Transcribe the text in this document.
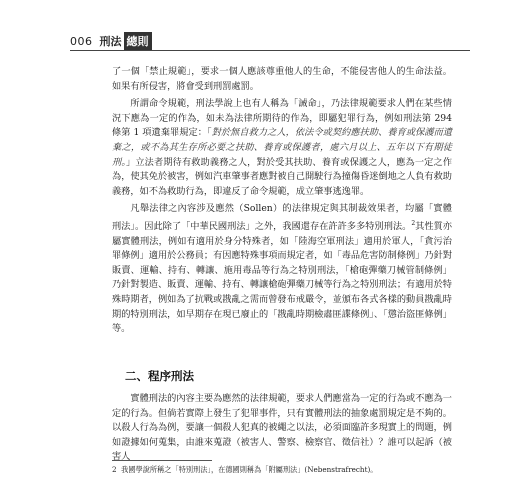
006 刑法 總則

了一個「禁止規範」，要求一個人應該尊重他人的生命，不能侵害他人的生命法益。如果有所侵害，將會受到刑罰處罰。

所謂命令規範，刑法學說上也有人稱為「誡命」，乃法律規範要求人們在某些情況下應為一定的作為，如未為法律所期待的作為，即屬犯罪行為，例如刑法第 294 條第 1 項遺棄罪規定：「對於無自救力之人，依法令或契約應扶助、養育或保護而遺棄之，或不為其生存所必要之扶助、養育或保護者，處六月以上、五年以下有期徒刑。」立法者期待有救助義務之人，對於受其扶助、養育或保護之人，應為一定之作為，使其免於被害，例如汽車肇事者應對被自己開駛行為撞傷昏迷倒地之人負有救助義務，如不為救助行為，即違反了命令規範，成立肇事逃逸罪。

凡舉法律之內容涉及應然（Sollen）的法律規定與其制裁效果者，均屬「實體刑法」。因此除了「中華民國刑法」之外，我國還存在許許多多特別刑法。$^2$其性質亦屬實體刑法，例如有適用於身分特殊者，如「陸海空軍刑法」適用於軍人，「貪污治罪條例」適用於公務員；有因應特殊事項而規定者，如「毒品危害防制條例」乃針對販賣、運輸、持有、轉讓、施用毒品等行為之特別刑法，「槍砲彈藥刀械管制條例」乃針對製造、販賣、運輸、持有、轉讓槍砲彈藥刀械等行為之特別刑法；有適用於特殊時期者，例如為了抗戰或戡亂之需而曾發布戒嚴令，並頒布各式各樣的動員戡亂時期的特別刑法，如早期存在現已廢止的「戡亂時期檢肅匪諜條例」、「懲治盜匪條例」等。

二、程序刑法

實體刑法的內容主要為應然的法律規範，要求人們應當為一定的行為或不應為一定的行為。但倘若實際上發生了犯罪事件，只有實體刑法的抽象處罰規定是不夠的。以殺人行為為例，要讓一個殺人犯真的被繩之以法，必須面臨許多現實上的問題，例如證據如何蒐集，由誰來蒐證（被害人、警察、檢察官、徵信社）？誰可以起訴（被害人

2 我國學說所稱之「特別刑法」，在德國則稱為「附屬刑法」(Nebenstrafrecht)。
